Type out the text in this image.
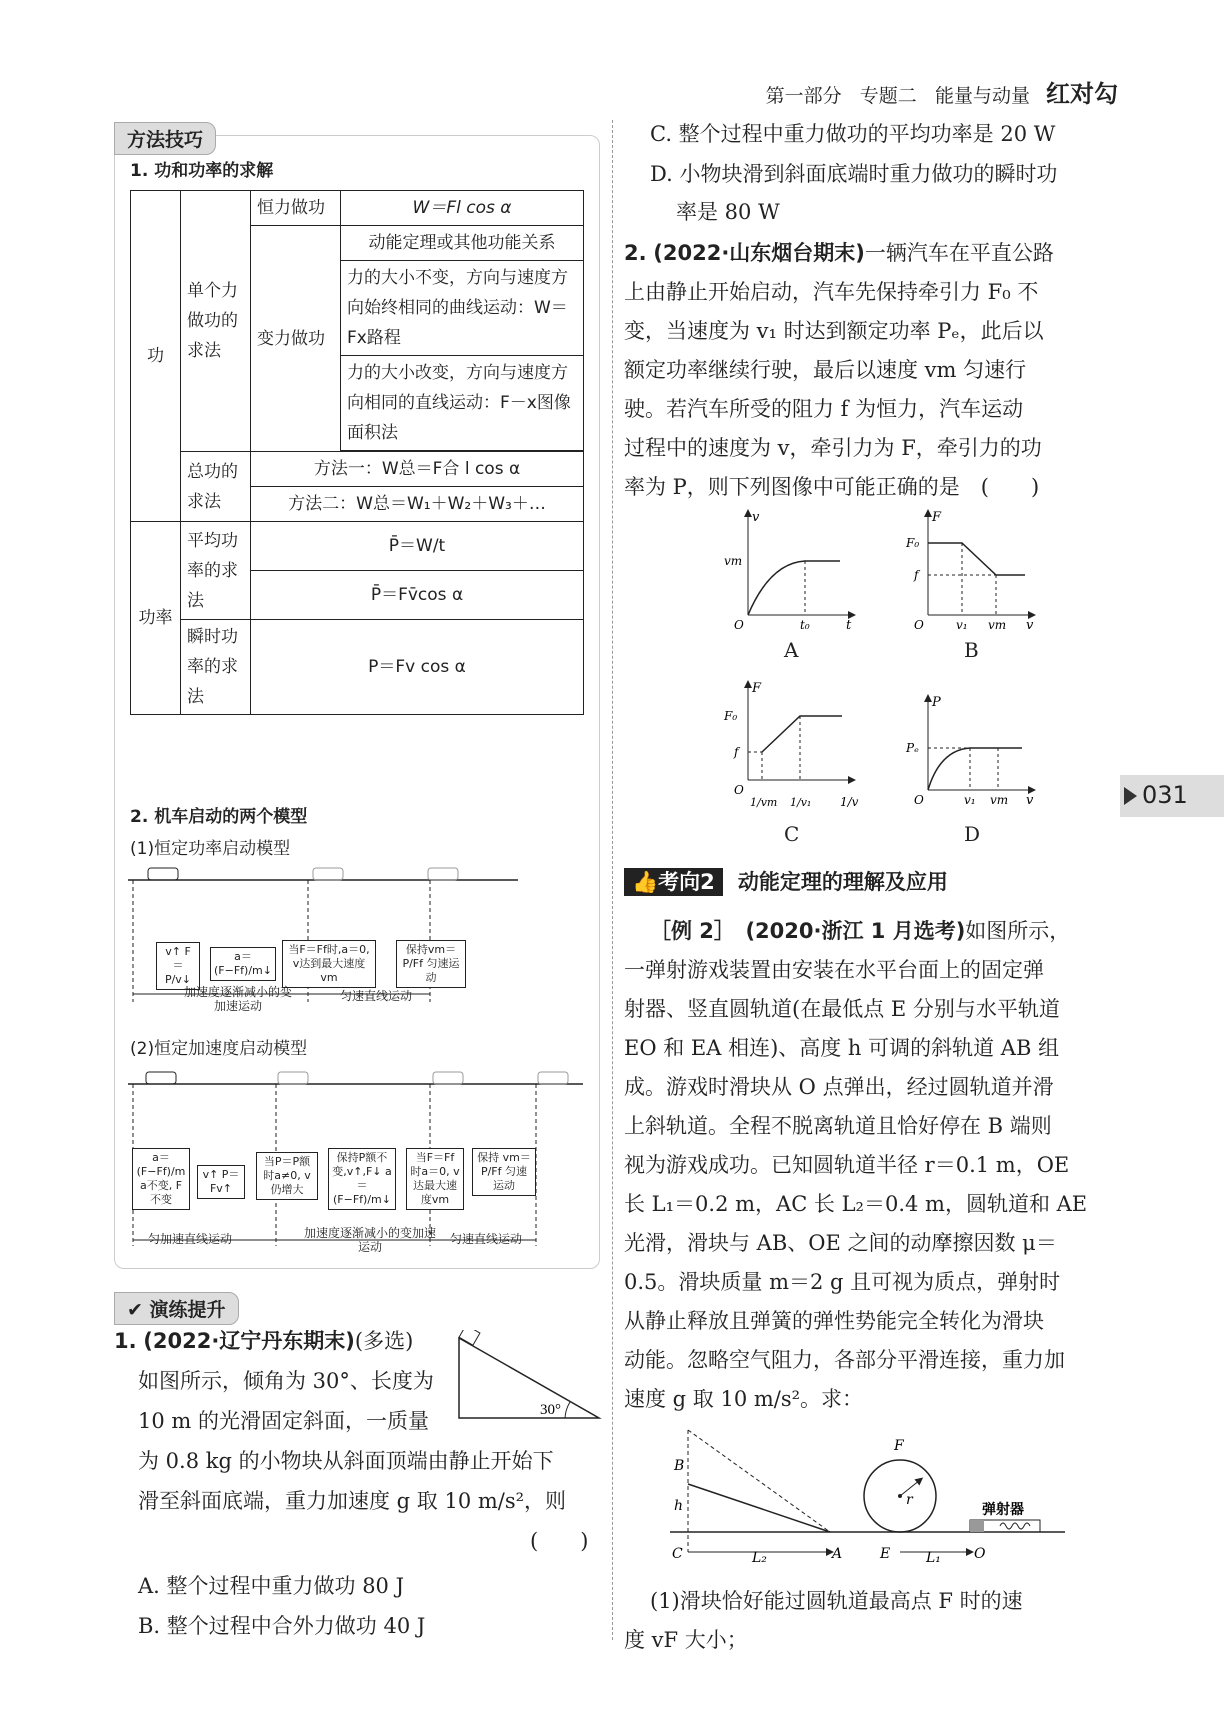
第一部分 专题二 能量与动量 红对勾
031
方法技巧
1. 功和功率的求解
功	单个力做功的求法	恒力做功	W＝Fl cos α
		变力做功	动能定理或其他功能关系
			力的大小不变，方向与速度方向始终相同的曲线运动：W＝Fx路程
			力的大小改变，方向与速度方向相同的直线运动：F－x图像面积法

	总功的求法	方法一：W总＝F合 l cos α	
		方法二：W总＝W₁＋W₂＋W₃＋…	
功率	平均功率的求法	P̄＝W/t	
		P̄＝Fv̄cos α	
	瞬时功率的求法	P＝Fv cos α	
2. 机车启动的两个模型
(1)恒定功率启动模型
v↑ F＝P/v↓
a＝(F−Ff)/m↓
当F＝Ff时,a＝0, v达到最大速度vm
保持vm＝P/Ff 匀速运动
加速度逐渐减小的变加速运动
匀速直线运动
(2)恒定加速度启动模型
a＝(F−Ff)/m a不变, F不变
v↑ P＝Fv↑
当P＝P额 时a≠0, v仍增大
保持P额不变,v↑,F↓ a＝(F−Ff)/m↓
当F＝Ff 时a＝0, v达最大速度vm
保持 vm＝P/Ff 匀速运动
匀加速直线运动	加速度逐渐减小的变加速运动
匀速直线运动
✔ 演练提升
1. (2022·辽宁丹东期末)(多选)
如图所示，倾角为 30°、长度为
10 m 的光滑固定斜面，一质量	30°
为 0.8 kg 的小物块从斜面顶端由静止开始下
滑至斜面底端，重力加速度 g 取 10 m/s²，则
(　　)
A. 整个过程中重力做功 80 J
B. 整个过程中合外力做功 40 J
C. 整个过程中重力做功的平均功率是 20 W
D. 小物块滑到斜面底端时重力做功的瞬时功
率是 80 W
2. (2022·山东烟台期末)一辆汽车在平直公路
上由静止开始启动，汽车先保持牵引力 F₀ 不
变，当速度为 v₁ 时达到额定功率 Pₑ，此后以
额定功率继续行驶，最后以速度 vm 匀速行
驶。若汽车所受的阻力 f 为恒力，汽车运动
过程中的速度为 v，牵引力为 F，牵引力的功
率为 P，则下列图像中可能正确的是　(　　)
v
t
vm
t₀
O
A
F
v
F₀
f
v₁ vm
O
B
F
1/v
F₀
f
1/vm 1/v₁
O
C
P
v
Pₑ
v₁ vm
O
D
👍考向2 动能定理的理解及应用
［例 2］　 (2020·浙江 1 月选考)如图所示，
一弹射游戏装置由安装在水平台面上的固定弹
射器、竖直圆轨道(在最低点 E 分别与水平轨道
EO 和 EA 相连)、高度 h 可调的斜轨道 AB 组
成。游戏时滑块从 O 点弹出，经过圆轨道并滑
上斜轨道。全程不脱离轨道且恰好停在 B 端则
视为游戏成功。已知圆轨道半径 r＝0.1 m，OE
长 L₁＝0.2 m，AC 长 L₂＝0.4 m，圆轨道和 AE
光滑，滑块与 AB、OE 之间的动摩擦因数 μ＝
0.5。滑块质量 m＝2 g 且可视为质点，弹射时
从静止释放且弹簧的弹性势能完全转化为滑块
动能。忽略空气阻力，各部分平滑连接，重力加
速度 g 取 10 m/s²。求：
B
h
C	L₂	A	E	L₁ O
F
r
弹射器
(1)滑块恰好能过圆轨道最高点 F 时的速
度 vF 大小；
